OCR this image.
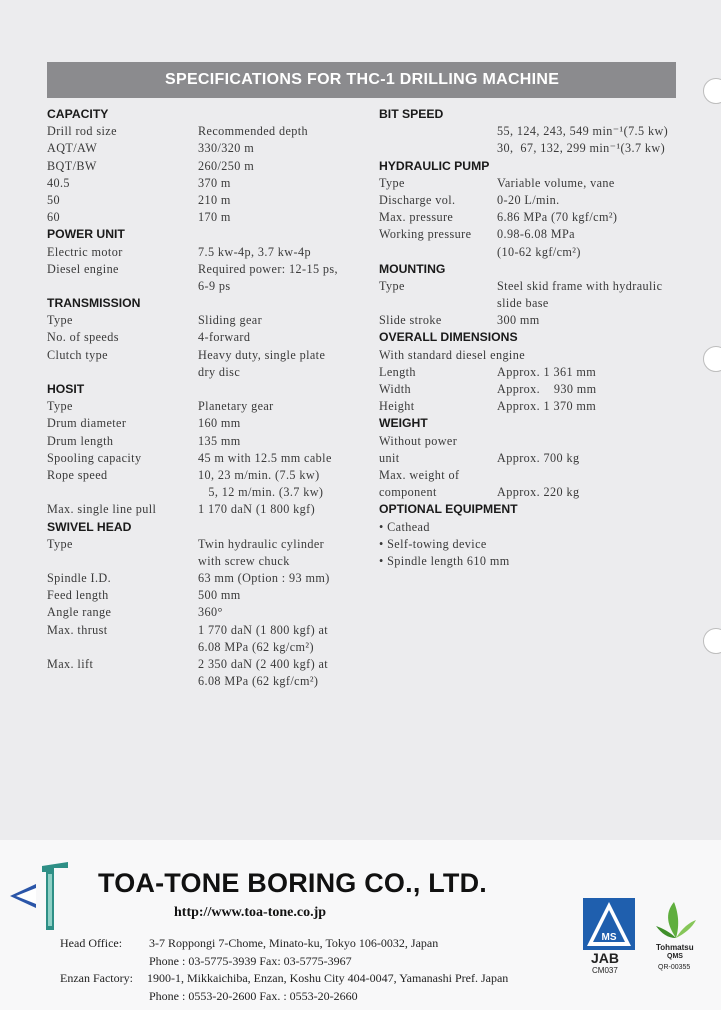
SPECIFICATIONS FOR THC-1 DRILLING MACHINE
CAPACITY
Drill rod size	Recommended depth
AQT/AW	330/320 m
BQT/BW	260/250 m
40.5	370 m
50	210 m
60	170 m
POWER UNIT
Electric motor	7.5 kw-4p, 3.7 kw-4p
Diesel engine	Required power: 12-15 ps,
6-9 ps
TRANSMISSION
Type	Sliding gear
No. of speeds	4-forward
Clutch type	Heavy duty, single plate
dry disc
HOSIT
Type	Planetary gear
Drum diameter	160 mm
Drum length	135 mm
Spooling capacity	45 m with 12.5 mm cable
Rope speed	10, 23 m/min. (7.5 kw)
5, 12 m/min. (3.7 kw)
Max. single line pull	1 170 daN (1 800 kgf)
SWIVEL HEAD
Type	Twin hydraulic cylinder
with screw chuck
Spindle I.D.	63 mm (Option : 93 mm)
Feed length	500 mm
Angle range	360°
Max. thrust	1 770 daN (1 800 kgf) at
6.08 MPa (62 kg/cm²)
Max. lift	2 350 daN (2 400 kgf) at
6.08 MPa (62 kgf/cm²)
BIT SPEED
55, 124, 243, 549 min⁻¹(7.5 kw)
30,  67, 132, 299 min⁻¹(3.7 kw)
HYDRAULIC PUMP
Type	Variable volume, vane
Discharge vol.	0-20 L/min.
Max. pressure	6.86 MPa (70 kgf/cm²)
Working pressure 0.98-6.08 MPa
(10-62 kgf/cm²)
MOUNTING
Type	Steel skid frame with hydraulic
slide base
Slide stroke	300 mm
OVERALL DIMENSIONS
With standard diesel engine
Length	Approx. 1 361 mm
Width	Approx.    930 mm
Height	Approx. 1 370 mm
WEIGHT
Without power
unit	Approx. 700 kg
Max. weight of
component	Approx. 220 kg
OPTIONAL EQUIPMENT
• Cathead
• Self-towing device
• Spindle length 610 mm
TOA-TONE BORING CO., LTD.
http://www.toa-tone.co.jp
Head Office: 3-7 Roppongi 7-Chome, Minato-ku, Tokyo 106-0032, Japan
Phone : 03-5775-3939 Fax: 03-5775-3967
Enzan Factory: 1900-1, Mikkaichiba, Enzan, Koshu City 404-0047, Yamanashi Pref. Japan
Phone : 0553-20-2600 Fax. : 0553-20-2660
MS
JAB
CM037
Tohmatsu
QMS
QR-00355
